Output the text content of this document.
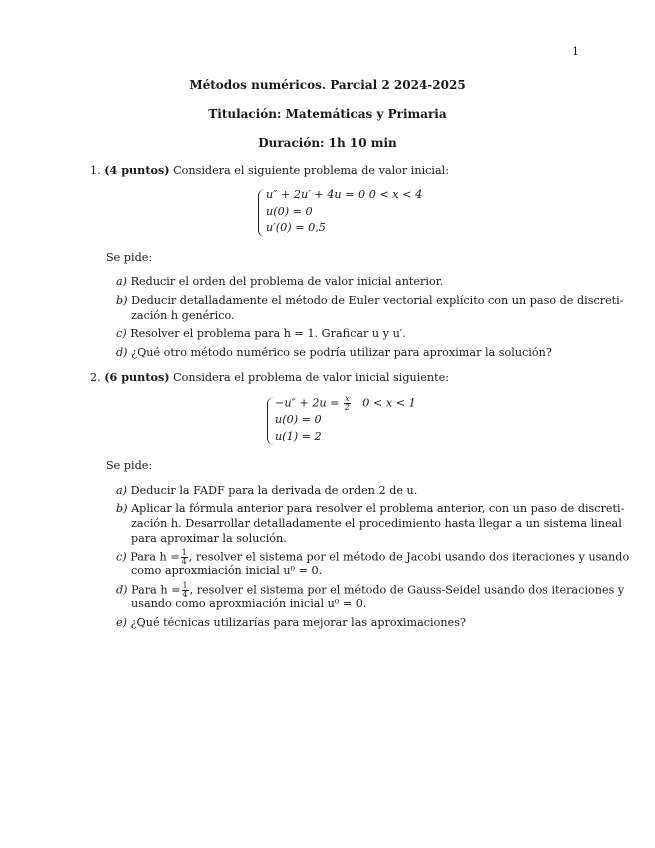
1
Métodos numéricos. Parcial 2 2024-2025
Titulación: Matemáticas y Primaria
Duración: 1h 10 min
1. (4 puntos) Considera el siguiente problema de valor inicial:
u″ + 2u′ + 4u = 0 0 < x < 4
u(0) = 0
u′(0) = 0,5
Se pide:
a) Reducir el orden del problema de valor inicial anterior.
b) Deducir detalladamente el método de Euler vectorial explícito con un paso de discreti-
zación h genérico.
c) Resolver el problema para h = 1. Graficar u y u′.
d) ¿Qué otro método numérico se podría utilizar para aproximar la solución?
2. (6 puntos) Considera el problema de valor inicial siguiente:
$-u'' + 2u = \frac{x}{2} 0 < x < 1$
u(0) = 0
u(1) = 2
Se pide:
a) Deducir la FADF para la derivada de orden 2 de u.
b) Aplicar la fórmula anterior para resolver el problema anterior, con un paso de discreti-
zación h. Desarrollar detalladamente el procedimiento hasta llegar a un sistema lineal
para aproximar la solución.
c) Para $h = \frac{1}{4}$ , resolver el sistema por el método de Jacobi usando dos iteraciones y usando
como aproxmiación inicial u⁰ = 0.
d) Para $h = \frac{1}{4}$ , resolver el sistema por el método de Gauss-Seidel usando dos iteraciones y
usando como aproxmiación inicial u⁰ = 0.
e) ¿Qué técnicas utilizarías para mejorar las aproximaciones?
